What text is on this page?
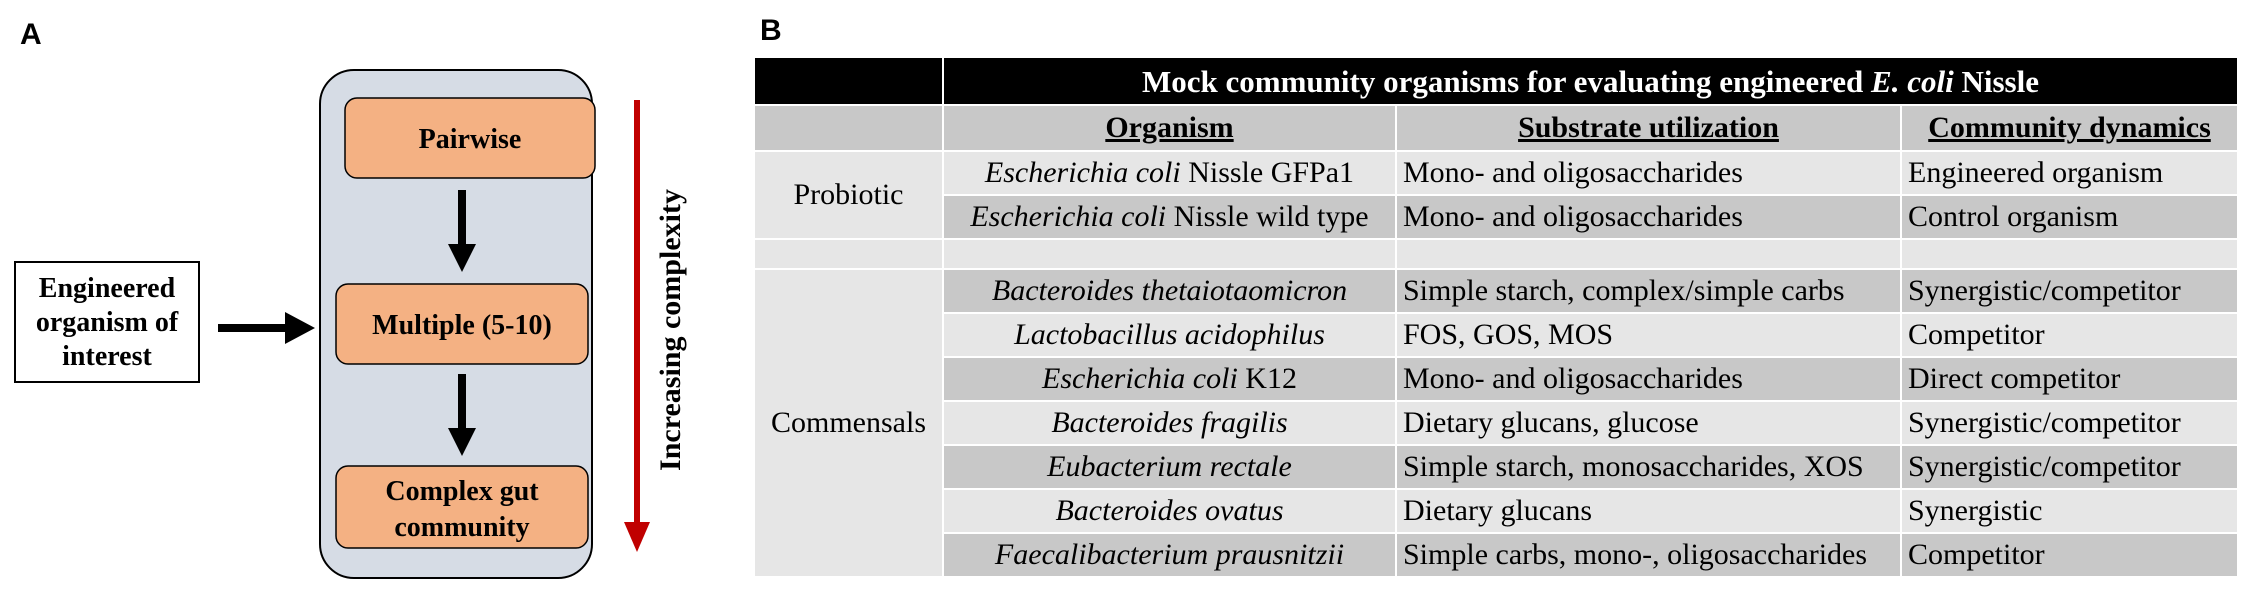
A	B
Engineered
organism of
interest
Pairwise
Multiple (5-10)
Complex gut
community
Increasing complexity
	Mock community organisms for evaluating engineered E. coli Nissle		
	Organism	Substrate utilization	Community dynamics
Probiotic	Escherichia coli Nissle GFPa1	Mono- and oligosaccharides	Engineered organism
	Escherichia coli Nissle wild type	Mono- and oligosaccharides	Control organism

Commensals	Bacteroides thetaiotaomicron	Simple starch, complex/simple carbs	Synergistic/competitor
	Lactobacillus acidophilus	FOS, GOS, MOS	Competitor
	Escherichia coli K12	Mono- and oligosaccharides	Direct competitor
	Bacteroides fragilis	Dietary glucans, glucose	Synergistic/competitor
	Eubacterium rectale	Simple starch, monosaccharides, XOS	Synergistic/competitor
	Bacteroides ovatus	Dietary glucans	Synergistic
	Faecalibacterium prausnitzii	Simple carbs, mono-, oligosaccharides	Competitor
